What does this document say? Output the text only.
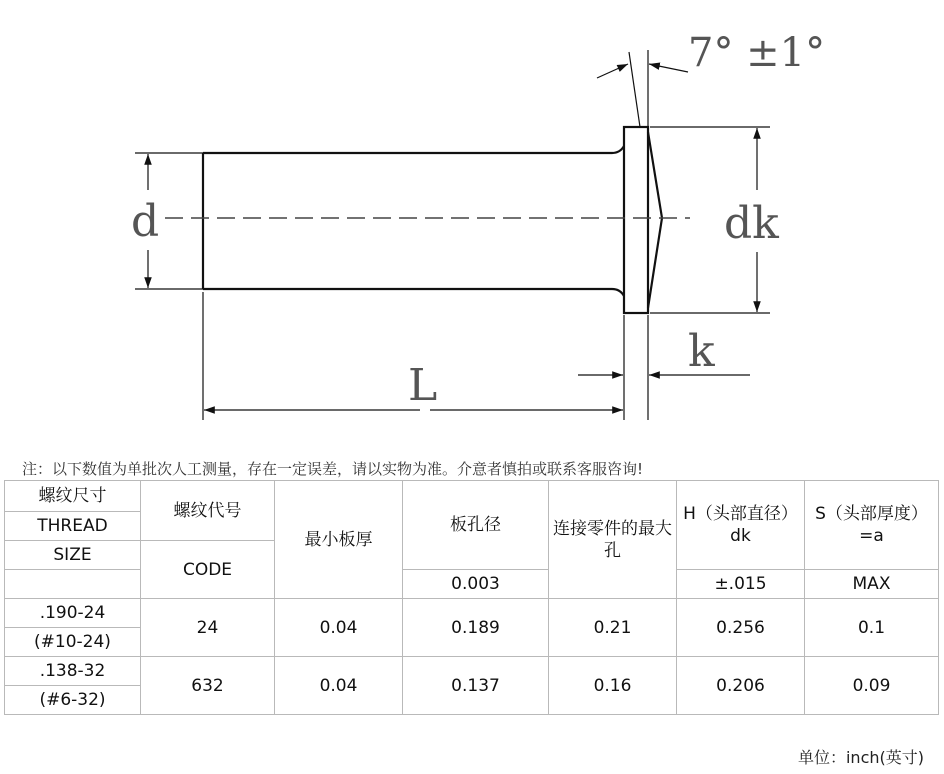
d	dk
k
L
7° ±1°
注：以下数值为单批次人工测量，存在一定误差，请以实物为准。介意者慎拍或联系客服咨询!
螺纹尺寸	螺纹代号	最小板厚	板孔径	连接零件的最大孔	H（头部直径）dk	S（头部厚度）=a
THREAD						
SIZE	CODE					
			0.003		±.015	MAX
.190-24	24	0.04	0.189	0.21	0.256	0.1
(#10-24)						
.138-32	632	0.04	0.137	0.16	0.206	0.09
(#6-32)						
单位：inch(英寸)
